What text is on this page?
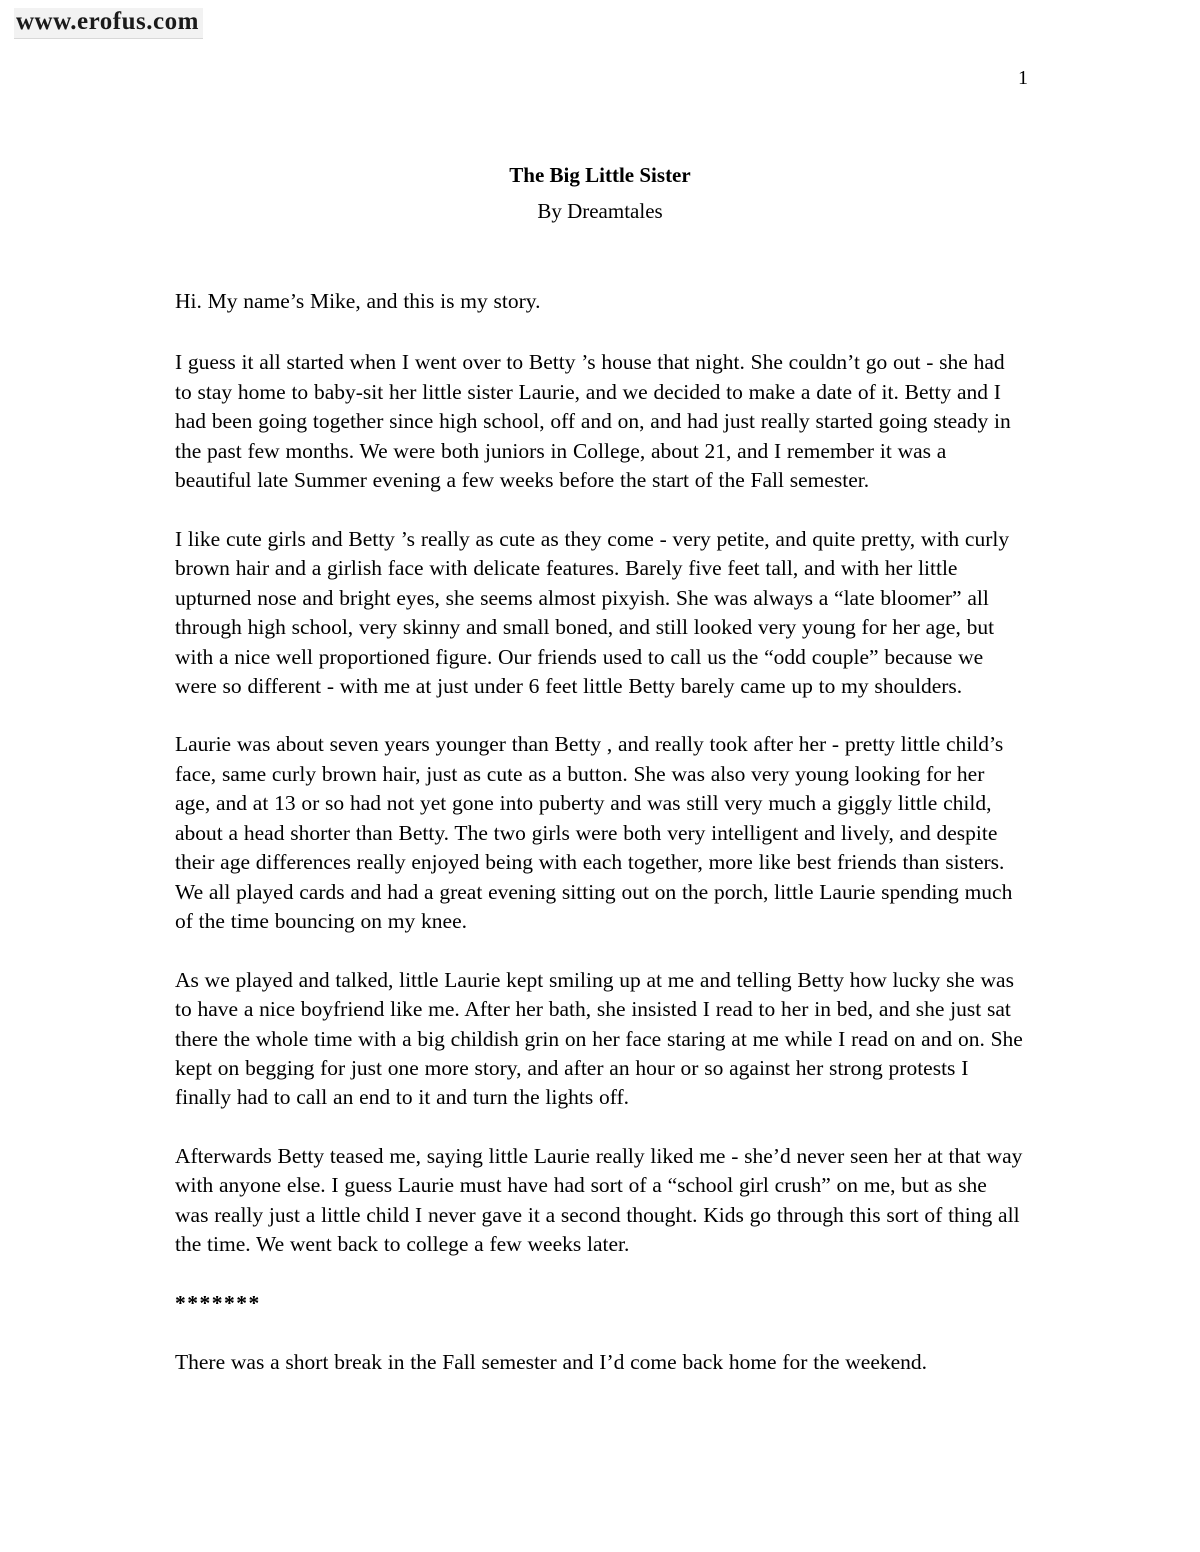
www.erofus.com
1
The Big Little Sister
By Dreamtales

Hi. My name’s Mike, and this is my story.

I guess it all started when I went over to Betty ’s house that night. She couldn’t go out - she had to stay home to baby-sit her little sister Laurie, and we decided to make a date of it. Betty and I had been going together since high school, off and on, and had just really started going steady in the past few months. We were both juniors in College, about 21, and I remember it was a beautiful late Summer evening a few weeks before the start of the Fall semester.

I like cute girls and Betty ’s really as cute as they come - very petite, and quite pretty, with curly brown hair and a girlish face with delicate features. Barely five feet tall, and with her little upturned nose and bright eyes, she seems almost pixyish. She was always a “late bloomer” all through high school, very skinny and small boned, and still looked very young for her age, but with a nice well proportioned figure. Our friends used to call us the “odd couple” because we were so different - with me at just under 6 feet little Betty barely came up to my shoulders.

Laurie was about seven years younger than Betty , and really took after her - pretty little child’s face, same curly brown hair, just as cute as a button. She was also very young looking for her age, and at 13 or so had not yet gone into puberty and was still very much a giggly little child, about a head shorter than Betty. The two girls were both very intelligent and lively, and despite their age differences really enjoyed being with each together, more like best friends than sisters. We all played cards and had a great evening sitting out on the porch, little Laurie spending much of the time bouncing on my knee.

As we played and talked, little Laurie kept smiling up at me and telling Betty how lucky she was to have a nice boyfriend like me. After her bath, she insisted I read to her in bed, and she just sat there the whole time with a big childish grin on her face staring at me while I read on and on. She kept on begging for just one more story, and after an hour or so against her strong protests I finally had to call an end to it and turn the lights off.

Afterwards Betty teased me, saying little Laurie really liked me - she’d never seen her at that way with anyone else. I guess Laurie must have had sort of a “school girl crush” on me, but as she was really just a little child I never gave it a second thought. Kids go through this sort of thing all the time. We went back to college a few weeks later.

*******

There was a short break in the Fall semester and I’d come back home for the weekend.
